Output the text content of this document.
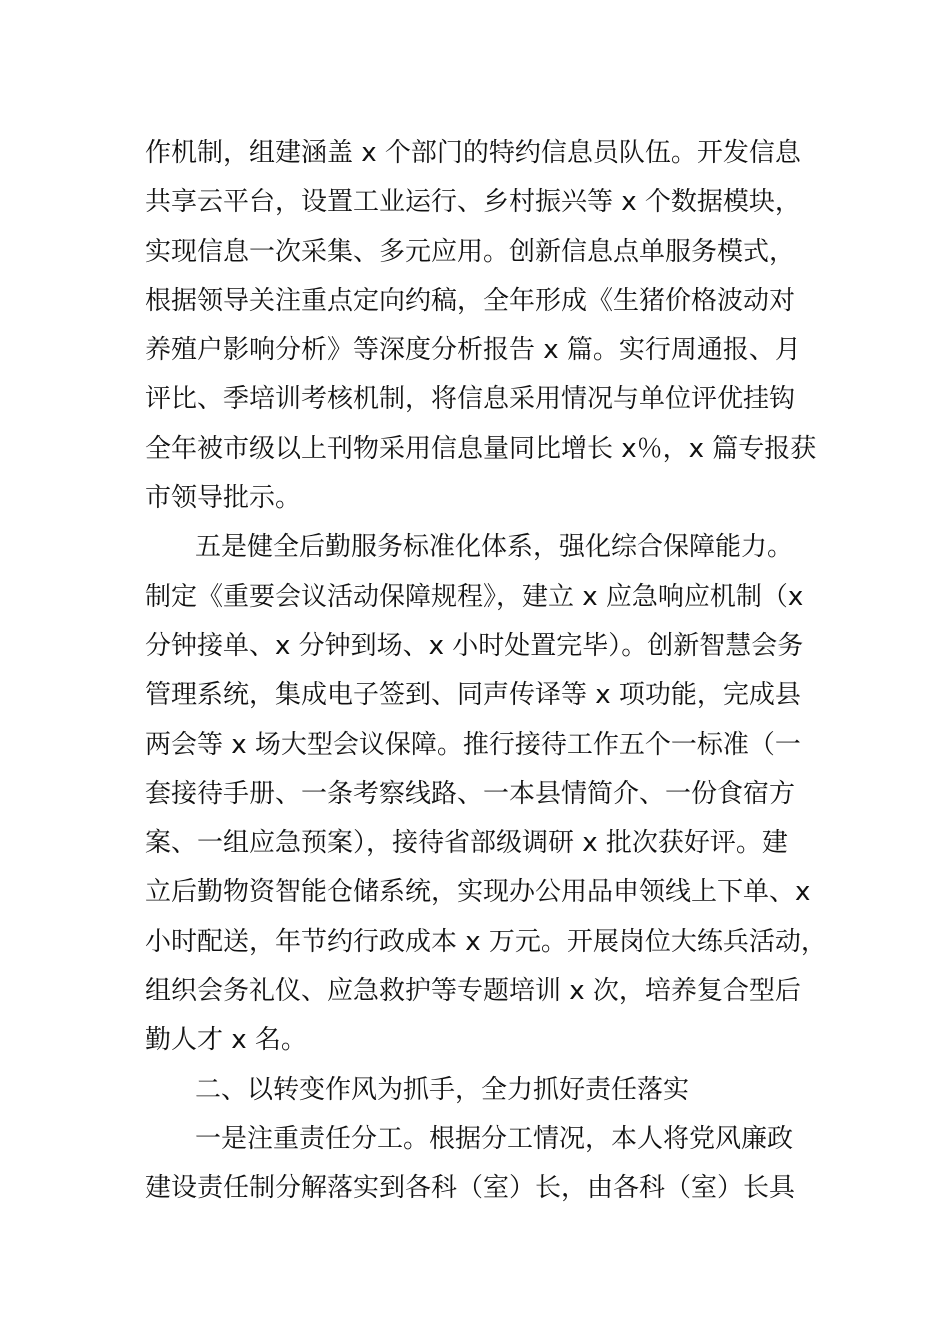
作机制，组建涵盖 x 个部门的特约信息员队伍。开发信息
共享云平台，设置工业运行、乡村振兴等 x 个数据模块，
实现信息一次采集、多元应用。创新信息点单服务模式，
根据领导关注重点定向约稿，全年形成《生猪价格波动对
养殖户影响分析》等深度分析报告 x 篇。实行周通报、月
评比、季培训考核机制，将信息采用情况与单位评优挂钩
全年被市级以上刊物采用信息量同比增长 x％，x 篇专报获
市领导批示。
五是健全后勤服务标准化体系，强化综合保障能力。
制定《重要会议活动保障规程》，建立 x 应急响应机制（x
分钟接单、x 分钟到场、x 小时处置完毕）。创新智慧会务
管理系统，集成电子签到、同声传译等 x 项功能，完成县
两会等 x 场大型会议保障。推行接待工作五个一标准（一
套接待手册、一条考察线路、一本县情简介、一份食宿方
案、一组应急预案），接待省部级调研 x 批次获好评。建
立后勤物资智能仓储系统，实现办公用品申领线上下单、x
小时配送，年节约行政成本 x 万元。开展岗位大练兵活动，
组织会务礼仪、应急救护等专题培训 x 次，培养复合型后
勤人才 x 名。
二、以转变作风为抓手，全力抓好责任落实
一是注重责任分工。根据分工情况，本人将党风廉政
建设责任制分解落实到各科（室）长，由各科（室）长具
